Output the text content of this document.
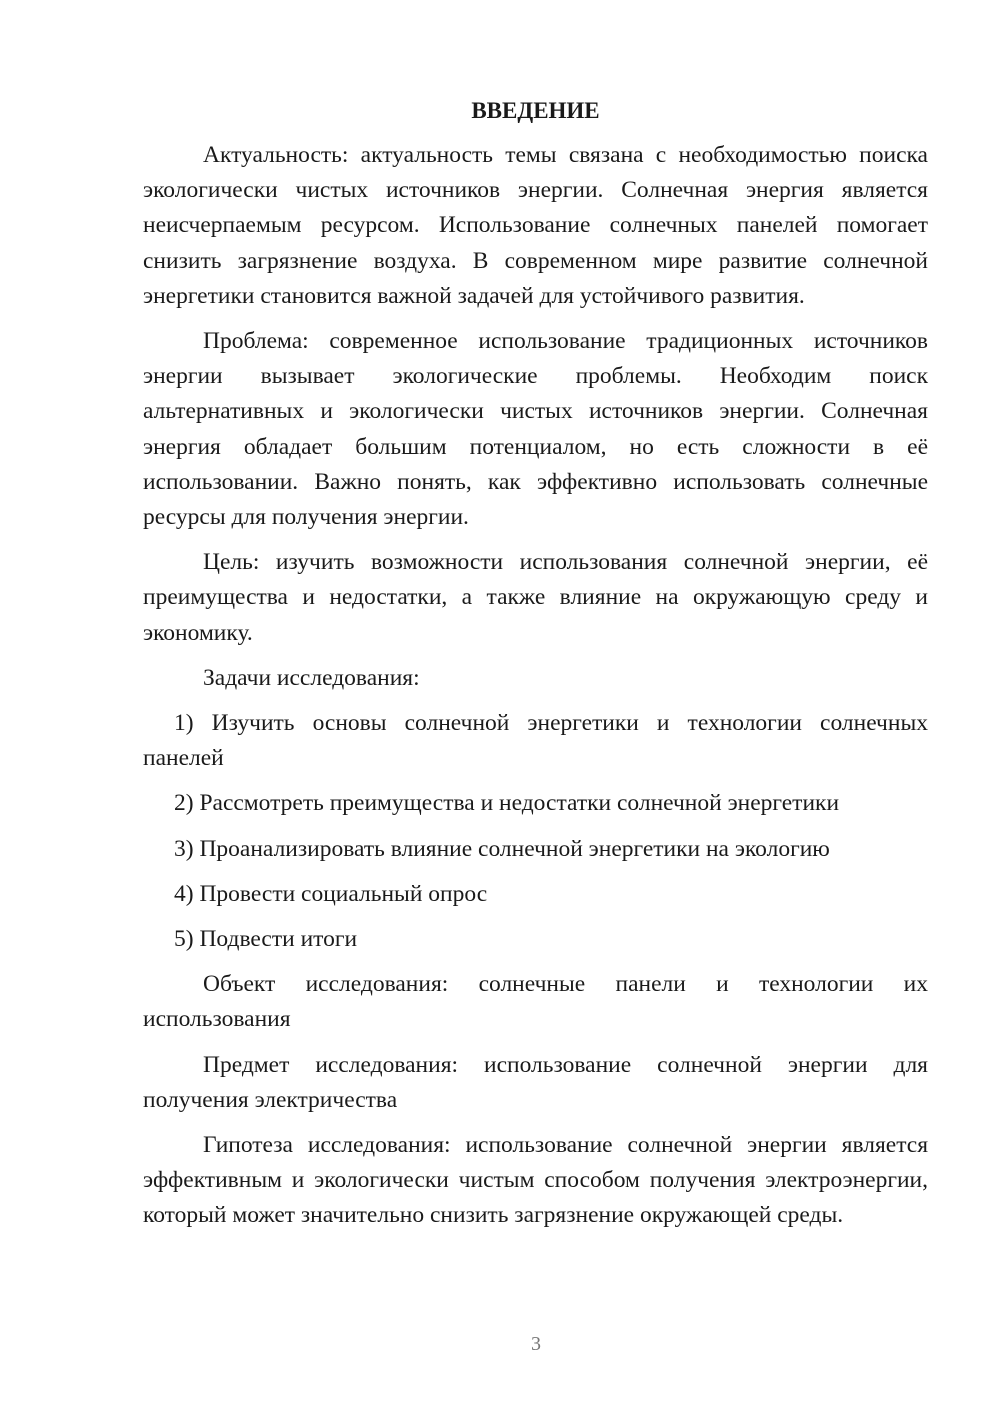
ВВЕДЕНИЕ

Актуальность: актуальность темы связана с необходимостью поиска экологически чистых источников энергии. Солнечная энергия является неисчерпаемым ресурсом. Использование солнечных панелей помогает снизить загрязнение воздуха. В современном мире развитие солнечной энергетики становится важной задачей для устойчивого развития.

Проблема: современное использование традиционных источников энергии вызывает экологические проблемы. Необходим поиск альтернативных и экологически чистых источников энергии. Солнечная энергия обладает большим потенциалом, но есть сложности в её использовании. Важно понять, как эффективно использовать солнечные ресурсы для получения энергии.

Цель: изучить возможности использования солнечной энергии, её преимущества и недостатки, а также влияние на окружающую среду и экономику.

Задачи исследования:

1) Изучить основы солнечной энергетики и технологии солнечных панелей

2) Рассмотреть преимущества и недостатки солнечной энергетики

3) Проанализировать влияние солнечной энергетики на экологию

4) Провести социальный опрос

5) Подвести итоги

Объект исследования: солнечные панели и технологии их использования

Предмет исследования: использование солнечной энергии для получения электричества

Гипотеза исследования: использование солнечной энергии является эффективным и экологически чистым способом получения электроэнергии, который может значительно снизить загрязнение окружающей среды.

3
